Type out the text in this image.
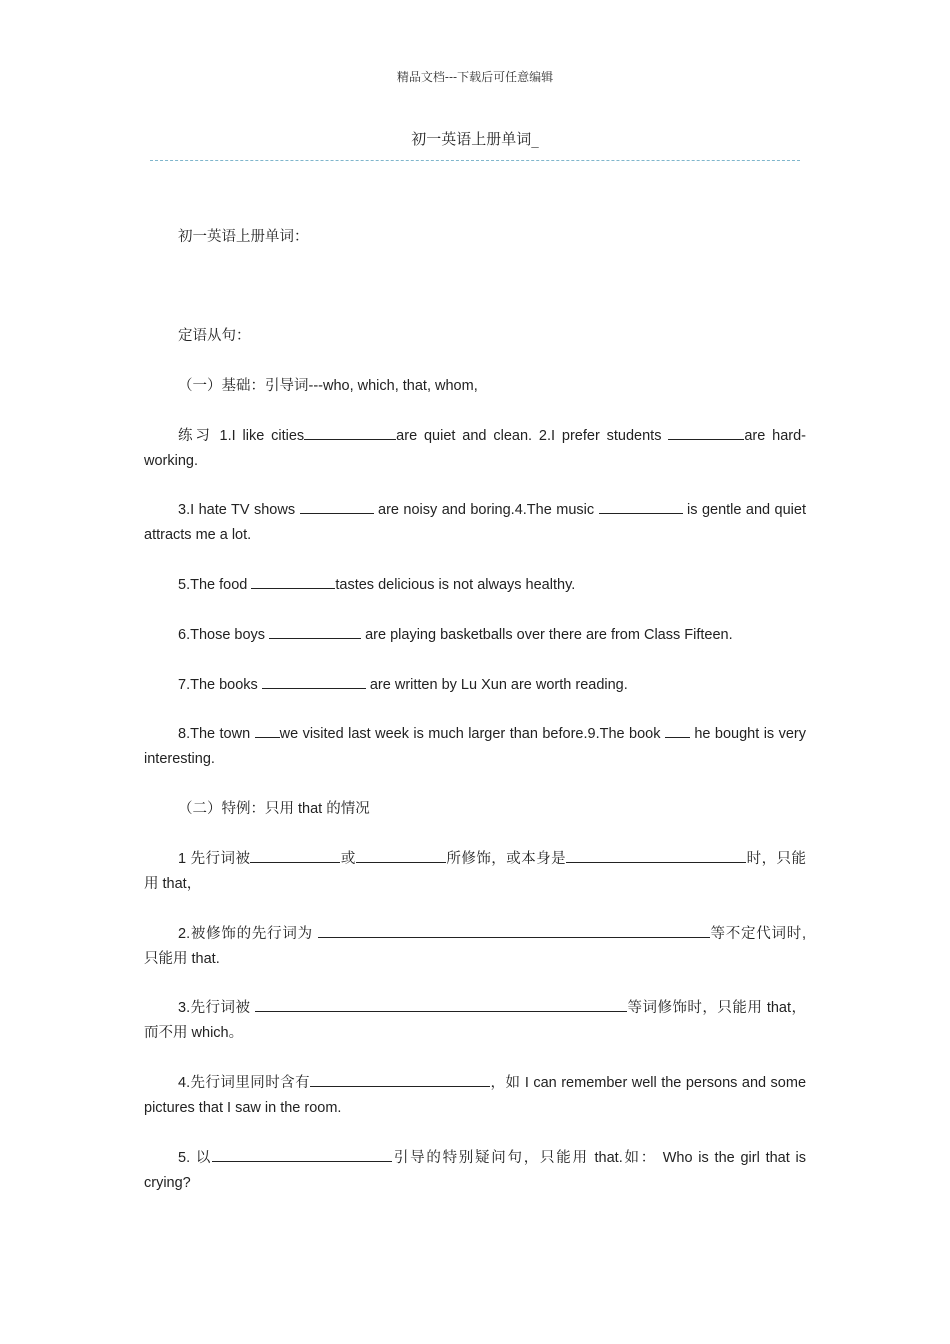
精品文档---下载后可任意编辑
初一英语上册单词_
初一英语上册单词：
定语从句：
（一）基础：引导词---who, which, that, whom,
练习 1.I like cities	are quiet and clean. 2.I prefer students	are hard-working.
3.I hate TV shows	are noisy and boring.4.The music	is gentle and quiet attracts me a lot.
5.The food	tastes delicious is not always healthy.
6.Those boys	are playing basketballs over there are from Class Fifteen.
7.The books	are written by Lu Xun are worth reading.
8.The town we visited last week is much larger than before.9.The book  he bought is very interesting.
（二）特例：只用 that 的情况
1 先行词被	或	所修饰，或本身是	时，只能用 that，
2.被修饰的先行词为	等不定代词时, 只能用 that.
3.先行词被	等词修饰时，只能用 that，而不用 which。
4.先行词里同时含有	，如 I can remember well the persons and some pictures that I saw in the room.
5. 以	引导的特别疑问句，只能用 that.如： Who is the girl that is crying?
